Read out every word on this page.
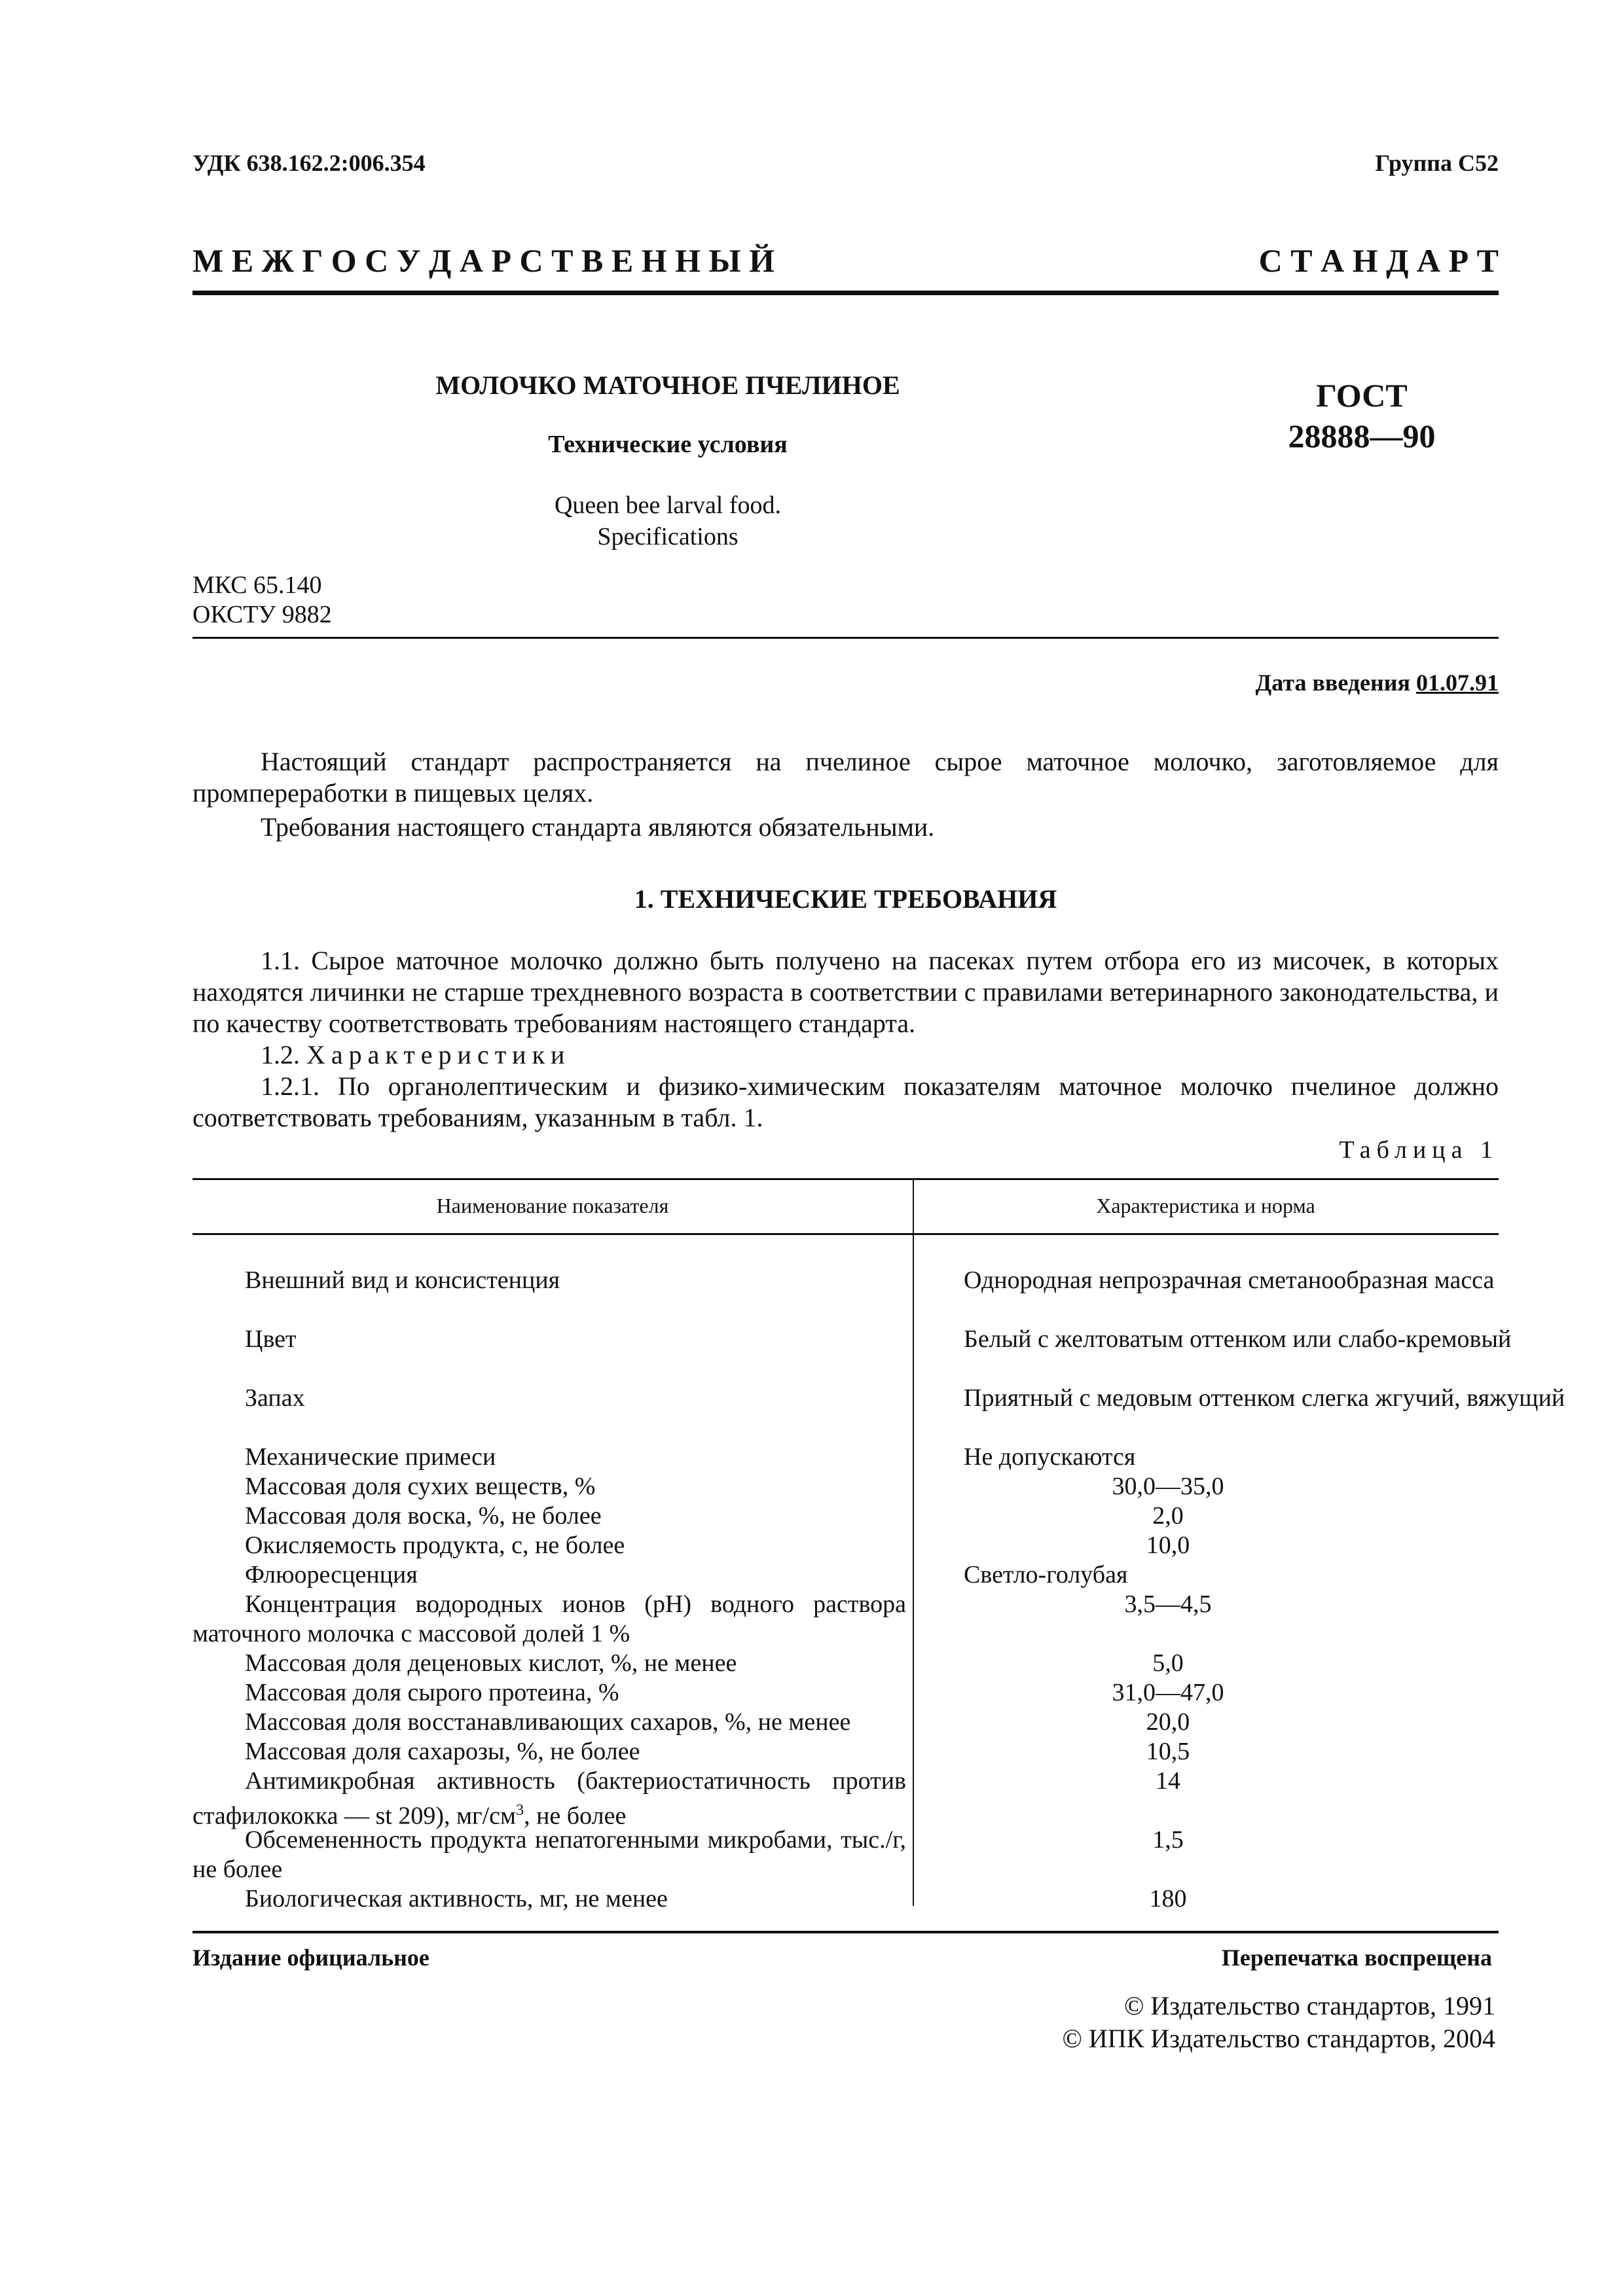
УДК 638.162.2:006.354	Группа С52
М Е Ж Г О С У Д А Р С Т В Е Н Н Ы Й	С Т А Н Д А Р Т
МОЛОЧКО МАТОЧНОЕ ПЧЕЛИНОЕ
Технические условия
Queen bee larval food.
Specifications
ГОСТ
28888—90
МКС 65.140
ОКСТУ 9882
Дата введения 01.07.91
Настоящий стандарт распространяется на пчелиное сырое маточное молочко, заготовляемое для промпереработки в пищевых целях.
Требования настоящего стандарта являются обязательными.
1. ТЕХНИЧЕСКИЕ ТРЕБОВАНИЯ
1.1. Сырое маточное молочко должно быть получено на пасеках путем отбора его из мисочек, в которых находятся личинки не старше трехдневного возраста в соответствии с правилами ветеринарного законодательства, и по качеству соответствовать требованиям настоящего стандарта.
1.2. Характеристики
1.2.1. По органолептическим и физико-химическим показателям маточное молочко пчелиное должно соответствовать требованиям, указанным в табл. 1.
Таблица 1
Наименование показателя	Характеристика и норма
Внешний вид и консистенция	Однородная непрозрачная сметанообразная масса
Цвет	Белый с желтоватым оттенком или слабо-кремовый
Запах	Приятный с медовым оттенком слегка жгучий, вяжущий
Механические примеси	Не допускаются
Массовая доля сухих веществ, %	30,0—35,0
Массовая доля воска, %, не более	2,0
Окисляемость продукта, с, не более	10,0
Флюоресценция	Светло-голубая
Концентрация водородных ионов (pH) водного раствора маточного молочка с массовой долей 1 %
3,5—4,5
Массовая доля деценовых кислот, %, не менее	5,0
Массовая доля сырого протеина, %	31,0—47,0
Массовая доля восстанавливающих сахаров, %, не менее	20,0
Массовая доля сахарозы, %, не более	10,5
Антимикробная активность (бактериостатичность против стафилококка — st 209), $мг/см^3$, не более
14
Обсемененность продукта непатогенными микробами, тыс./г, не более
1,5
Биологическая активность, мг, не менее	180
Издание официальное	Перепечатка воспрещена
© Издательство стандартов, 1991
© ИПК Издательство стандартов, 2004
